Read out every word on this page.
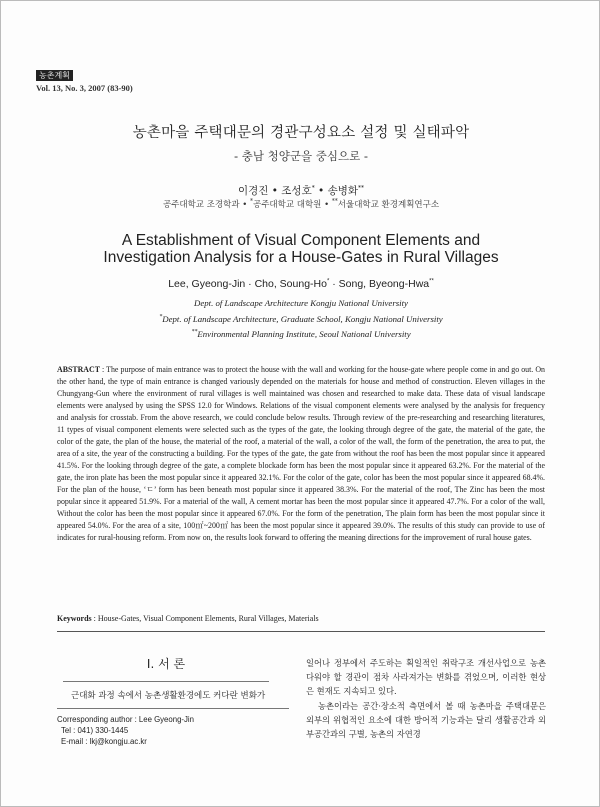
농촌계획
Vol. 13, No. 3, 2007 (83-90)
농촌마을 주택대문의 경관구성요소 설정 및 실태파악
- 충남 청양군을 중심으로 -
이경진 • 조성호* • 송병화**
공주대학교 조경학과 • *공주대학교 대학원 • **서울대학교 환경계획연구소
A Establishment of Visual Component Elements and
Investigation Analysis for a House-Gates in Rural Villages
Lee, Gyeong-Jin · Cho, Soung-Ho* · Song, Byeong-Hwa**
Dept. of Landscape Architecture Kongju National University
*Dept. of Landscape Architecture, Graduate School, Kongju National University
**Environmental Planning Institute, Seoul National University
ABSTRACT : The purpose of main entrance was to protect the house with the wall and working for the house-gate where people come in and go out. On the other hand, the type of main entrance is changed variously depended on the materials for house and method of construction. Eleven villages in the Chungyang-Gun where the environment of rural villages is well maintained was chosen and researched to make data. These data of visual landscape elements were analysed by using the SPSS 12.0 for Windows. Relations of the visual component elements were analysed by the analysis for frequency and analysis for crosstab. From the above research, we could conclude below results. Through review of the pre-researching and researching literatures, 11 types of visual component elements were selected such as the types of the gate, the looking through degree of the gate, the material of the gate, the color of the gate, the plan of the house, the material of the roof, a material of the wall, a color of the wall, the form of the penetration, the area to put, the area of a site, the year of the constructing a building. For the types of the gate, the gate from without the roof has been the most popular since it appeared 41.5%. For the looking through degree of the gate, a complete blockade form has been the most popular since it appeared 63.2%. For the material of the gate, the iron plate has been the most popular since it appeared 32.1%. For the color of the gate, color has been the most popular since it appeared 68.4%. For the plan of the house, ‘ㄷ’ form has been beneath most popular since it appeared 38.3%. For the material of the roof, The Zinc has been the most popular since it appeared 51.9%. For a material of the wall, A cement mortar has been the most popular since it appeared 47.7%. For a color of the wall, Without the color has been the most popular since it appeared 67.0%. For the form of the penetration, The plain form has been the most popular since it appeared 54.0%. For the area of a site, 100㎡~200㎡ has been the most popular since it appeared 39.0%. The results of this study can provide to use of indicates for rural-housing reform. From now on, the results look forward to offering the meaning directions for the improvement of rural house gates.
Keywords : House-Gates, Visual Component Elements, Rural Villages, Materials
I. 서 론
근대화 과정 속에서 농촌생활환경에도 커다란 변화가
Corresponding author : Lee Gyeong-Jin
Tel : 041) 330-1445
E-mail : lkj@kongju.ac.kr

일어나 정부에서 주도하는 획일적인 취락구조 개선사업으로 농촌다워야 할 경관이 점차 사라져가는 변화를 겪었으며, 이러한 현상은 현재도 지속되고 있다.

농촌이라는 공간·장소적 측면에서 볼 때 농촌마을 주택대문은 외부의 위협적인 요소에 대한 방어적 기능과는 달리 생활공간과 외부공간과의 구별, 농촌의 자연경
